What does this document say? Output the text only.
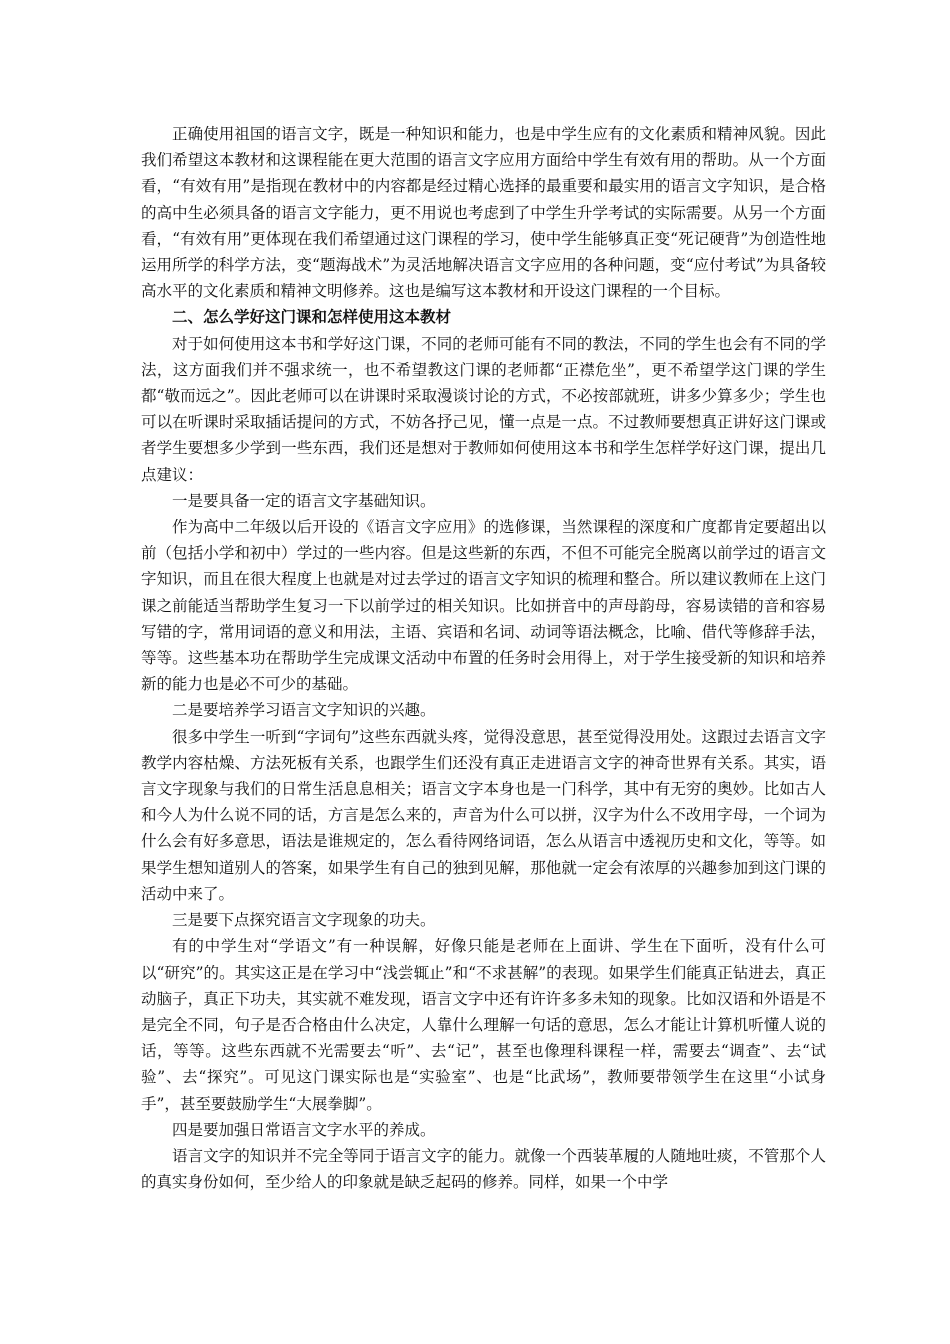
正确使用祖国的语言文字，既是一种知识和能力，也是中学生应有的文化素质和精神风貌。因此我们希望这本教材和这课程能在更大范围的语言文字应用方面给中学生有效有用的帮助。从一个方面看，“有效有用”是指现在教材中的内容都是经过精心选择的最重要和最实用的语言文字知识，是合格的高中生必须具备的语言文字能力，更不用说也考虑到了中学生升学考试的实际需要。从另一个方面看，“有效有用”更体现在我们希望通过这门课程的学习，使中学生能够真正变“死记硬背”为创造性地运用所学的科学方法，变“题海战术”为灵活地解决语言文字应用的各种问题，变“应付考试”为具备较高水平的文化素质和精神文明修养。这也是编写这本教材和开设这门课程的一个目标。

二、怎么学好这门课和怎样使用这本教材

对于如何使用这本书和学好这门课，不同的老师可能有不同的教法，不同的学生也会有不同的学法，这方面我们并不强求统一，也不希望教这门课的老师都“正襟危坐”，更不希望学这门课的学生都“敬而远之”。因此老师可以在讲课时采取漫谈讨论的方式，不必按部就班，讲多少算多少；学生也可以在听课时采取插话提问的方式，不妨各抒己见，懂一点是一点。不过教师要想真正讲好这门课或者学生要想多少学到一些东西，我们还是想对于教师如何使用这本书和学生怎样学好这门课，提出几点建议：

一是要具备一定的语言文字基础知识。

作为高中二年级以后开设的《语言文字应用》的选修课，当然课程的深度和广度都肯定要超出以前（包括小学和初中）学过的一些内容。但是这些新的东西，不但不可能完全脱离以前学过的语言文字知识，而且在很大程度上也就是对过去学过的语言文字知识的梳理和整合。所以建议教师在上这门课之前能适当帮助学生复习一下以前学过的相关知识。比如拼音中的声母韵母，容易读错的音和容易写错的字，常用词语的意义和用法，主语、宾语和名词、动词等语法概念，比喻、借代等修辞手法，等等。这些基本功在帮助学生完成课文活动中布置的任务时会用得上，对于学生接受新的知识和培养新的能力也是必不可少的基础。

二是要培养学习语言文字知识的兴趣。

很多中学生一听到“字词句”这些东西就头疼，觉得没意思，甚至觉得没用处。这跟过去语言文字教学内容枯燥、方法死板有关系，也跟学生们还没有真正走进语言文字的神奇世界有关系。其实，语言文字现象与我们的日常生活息息相关；语言文字本身也是一门科学，其中有无穷的奥妙。比如古人和今人为什么说不同的话，方言是怎么来的，声音为什么可以拼，汉字为什么不改用字母，一个词为什么会有好多意思，语法是谁规定的，怎么看待网络词语，怎么从语言中透视历史和文化，等等。如果学生想知道别人的答案，如果学生有自己的独到见解，那他就一定会有浓厚的兴趣参加到这门课的活动中来了。

三是要下点探究语言文字现象的功夫。

有的中学生对“学语文”有一种误解，好像只能是老师在上面讲、学生在下面听，没有什么可以“研究”的。其实这正是在学习中“浅尝辄止”和“不求甚解”的表现。如果学生们能真正钻进去，真正动脑子，真正下功夫，其实就不难发现，语言文字中还有许许多多未知的现象。比如汉语和外语是不是完全不同，句子是否合格由什么决定，人靠什么理解一句话的意思，怎么才能让计算机听懂人说的话，等等。这些东西就不光需要去“听”、去“记”，甚至也像理科课程一样，需要去“调查”、去“试验”、去“探究”。可见这门课实际也是“实验室”、也是“比武场”，教师要带领学生在这里“小试身手”，甚至要鼓励学生“大展拳脚”。

四是要加强日常语言文字水平的养成。

语言文字的知识并不完全等同于语言文字的能力。就像一个西装革履的人随地吐痰，不管那个人的真实身份如何，至少给人的印象就是缺乏起码的修养。同样，如果一个中学
